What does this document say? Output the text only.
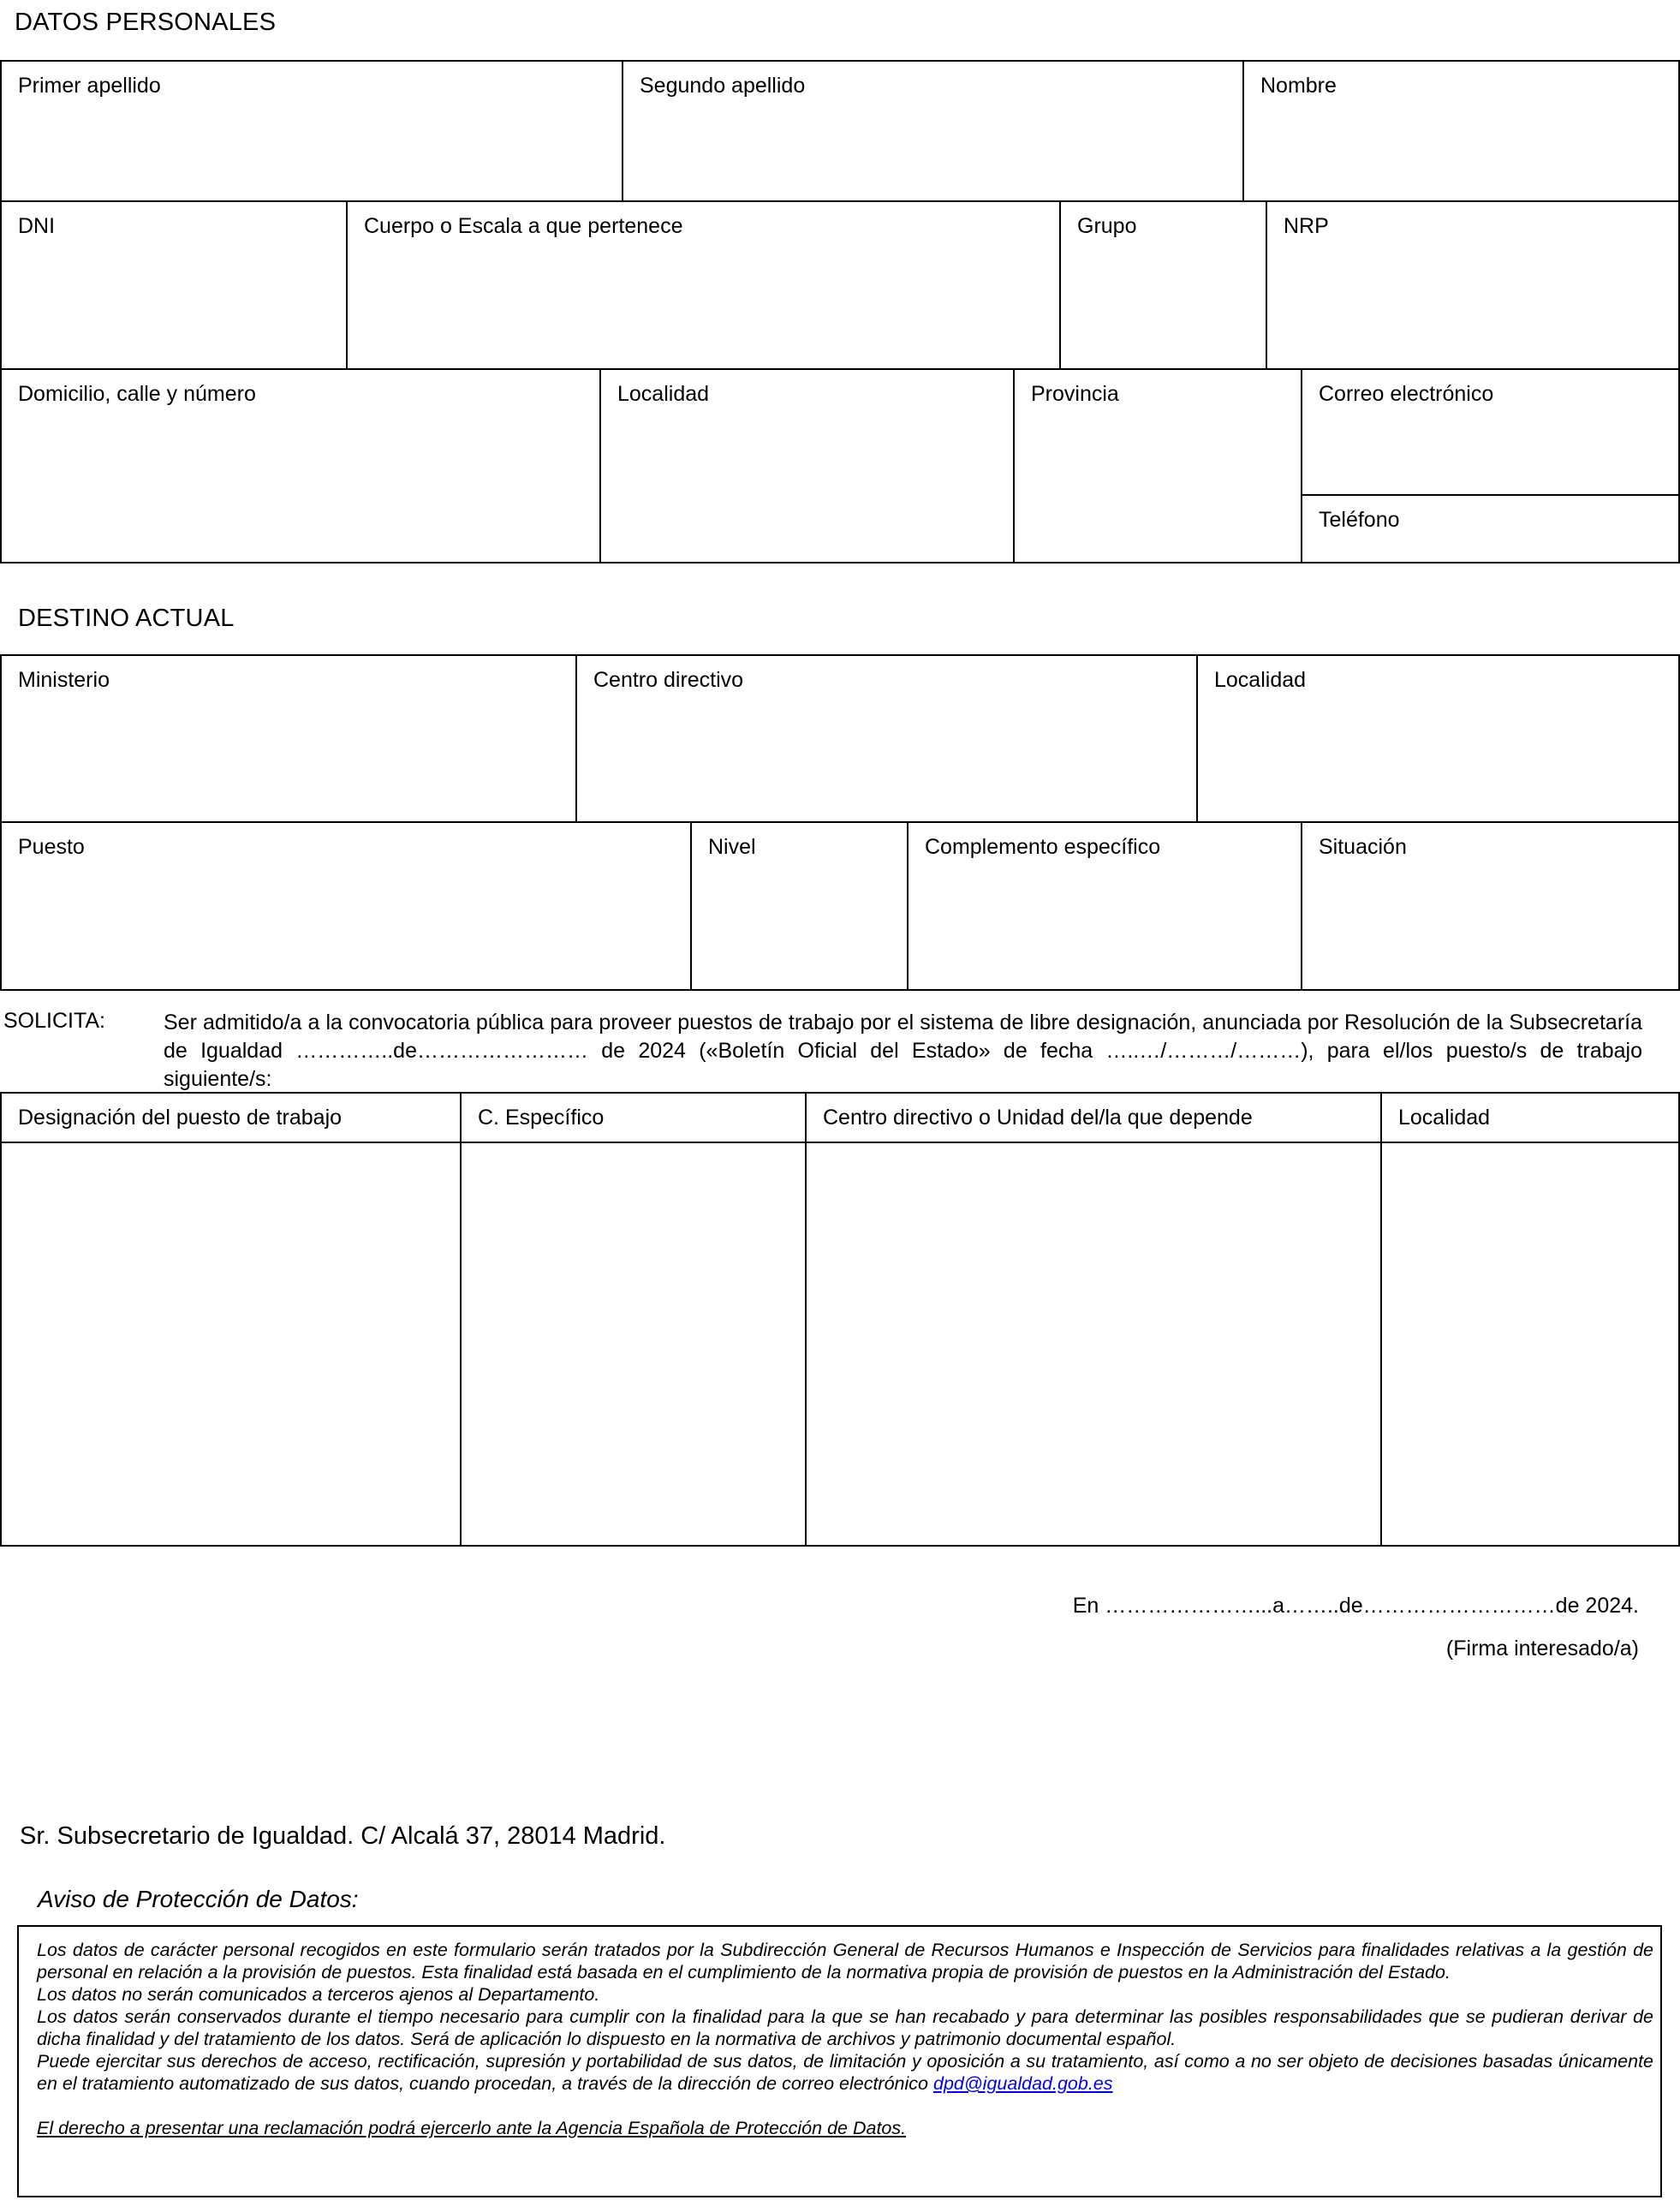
DATOS PERSONALES
Primer apellido	Segundo apellido	Nombre
DNI	Cuerpo o Escala a que pertenece	Grupo	NRP
Domicilio, calle y número	Localidad	Provincia	Correo electrónico
Teléfono
DESTINO ACTUAL
Ministerio	Centro directivo	Localidad
Puesto	Nivel	Complemento específico	Situación
SOLICITA:	Ser admitido/a a la convocatoria pública para proveer puestos de trabajo por el sistema de libre designación, anunciada por Resolución de la Subsecretaría de Igualdad …………..de…………………… de 2024 («Boletín Oficial del Estado» de fecha …..…/………/………), para el/los puesto/s de trabajo siguiente/s:
Designación del puesto de trabajo	C. Específico	Centro directivo o Unidad del/la que depende	Localidad
En …………………...a……..de………………………de 2024.
(Firma interesado/a)
Sr. Subsecretario de Igualdad. C/ Alcalá 37, 28014 Madrid.
Aviso de Protección de Datos:

Los datos de carácter personal recogidos en este formulario serán tratados por la Subdirección General de Recursos Humanos e Inspección de Servicios para finalidades relativas a la gestión de personal en relación a la provisión de puestos. Esta finalidad está basada en el cumplimiento de la normativa propia de provisión de puestos en la Administración del Estado.

Los datos no serán comunicados a terceros ajenos al Departamento.

Los datos serán conservados durante el tiempo necesario para cumplir con la finalidad para la que se han recabado y para determinar las posibles responsabilidades que se pudieran derivar de dicha finalidad y del tratamiento de los datos. Será de aplicación lo dispuesto en la normativa de archivos y patrimonio documental español.

Puede ejercitar sus derechos de acceso, rectificación, supresión y portabilidad de sus datos, de limitación y oposición a su tratamiento, así como a no ser objeto de decisiones basadas únicamente en el tratamiento automatizado de sus datos, cuando procedan, a través de la dirección de correo electrónico dpd@igualdad.gob.es

El derecho a presentar una reclamación podrá ejercerlo ante la Agencia Española de Protección de Datos.
